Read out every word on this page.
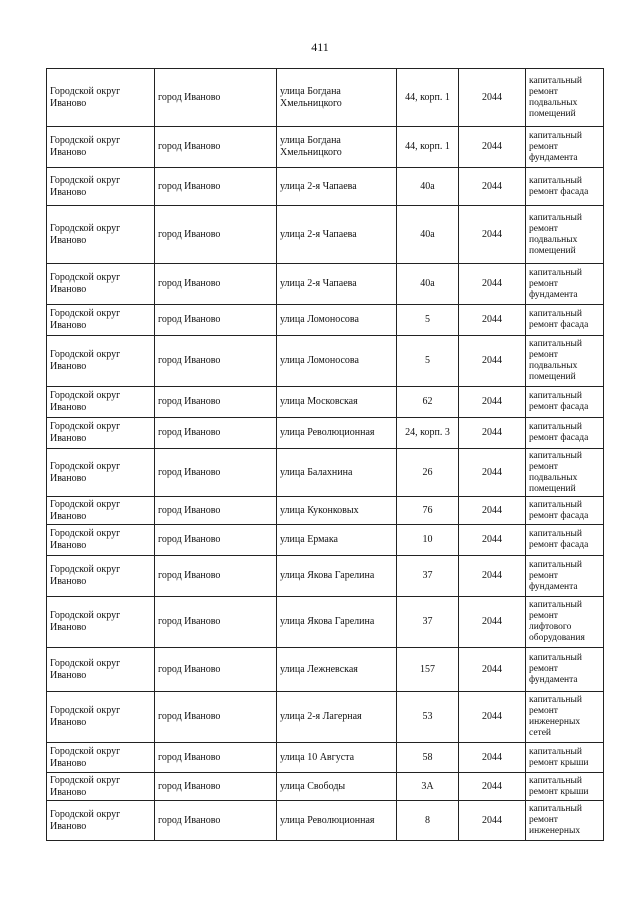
411
Городской округ Иваново	город Иваново	улица Богдана Хмельницкого	44, корп. 1	2044	капитальный ремонт подвальных помещений
Городской округ Иваново	город Иваново	улица Богдана Хмельницкого	44, корп. 1	2044	капитальный ремонт фундамента
Городской округ Иваново	город Иваново	улица 2-я Чапаева	40а	2044	капитальный ремонт фасада
Городской округ Иваново	город Иваново	улица 2-я Чапаева	40а	2044	капитальный ремонт подвальных помещений
Городской округ Иваново	город Иваново	улица 2-я Чапаева	40а	2044	капитальный ремонт фундамента
Городской округ Иваново	город Иваново	улица Ломоносова	5	2044	капитальный ремонт фасада
Городской округ Иваново	город Иваново	улица Ломоносова	5	2044	капитальный ремонт подвальных помещений
Городской округ Иваново	город Иваново	улица Московская	62	2044	капитальный ремонт фасада
Городской округ Иваново	город Иваново	улица Революционная	24, корп. 3	2044	капитальный ремонт фасада
Городской округ Иваново	город Иваново	улица Балахнина	26	2044	капитальный ремонт подвальных помещений
Городской округ Иваново	город Иваново	улица Куконковых	76	2044	капитальный ремонт фасада
Городской округ Иваново	город Иваново	улица Ермака	10	2044	капитальный ремонт фасада
Городской округ Иваново	город Иваново	улица Якова Гарелина	37	2044	капитальный ремонт фундамента
Городской округ Иваново	город Иваново	улица Якова Гарелина	37	2044	капитальный ремонт лифтового оборудования
Городской округ Иваново	город Иваново	улица Лежневская	157	2044	капитальный ремонт фундамента
Городской округ Иваново	город Иваново	улица 2-я Лагерная	53	2044	капитальный ремонт инженерных сетей
Городской округ Иваново	город Иваново	улица 10 Августа	58	2044	капитальный ремонт крыши
Городской округ Иваново	город Иваново	улица Свободы	3А	2044	капитальный ремонт крыши
Городской округ Иваново	город Иваново	улица Революционная	8	2044	капитальный ремонт инженерных
